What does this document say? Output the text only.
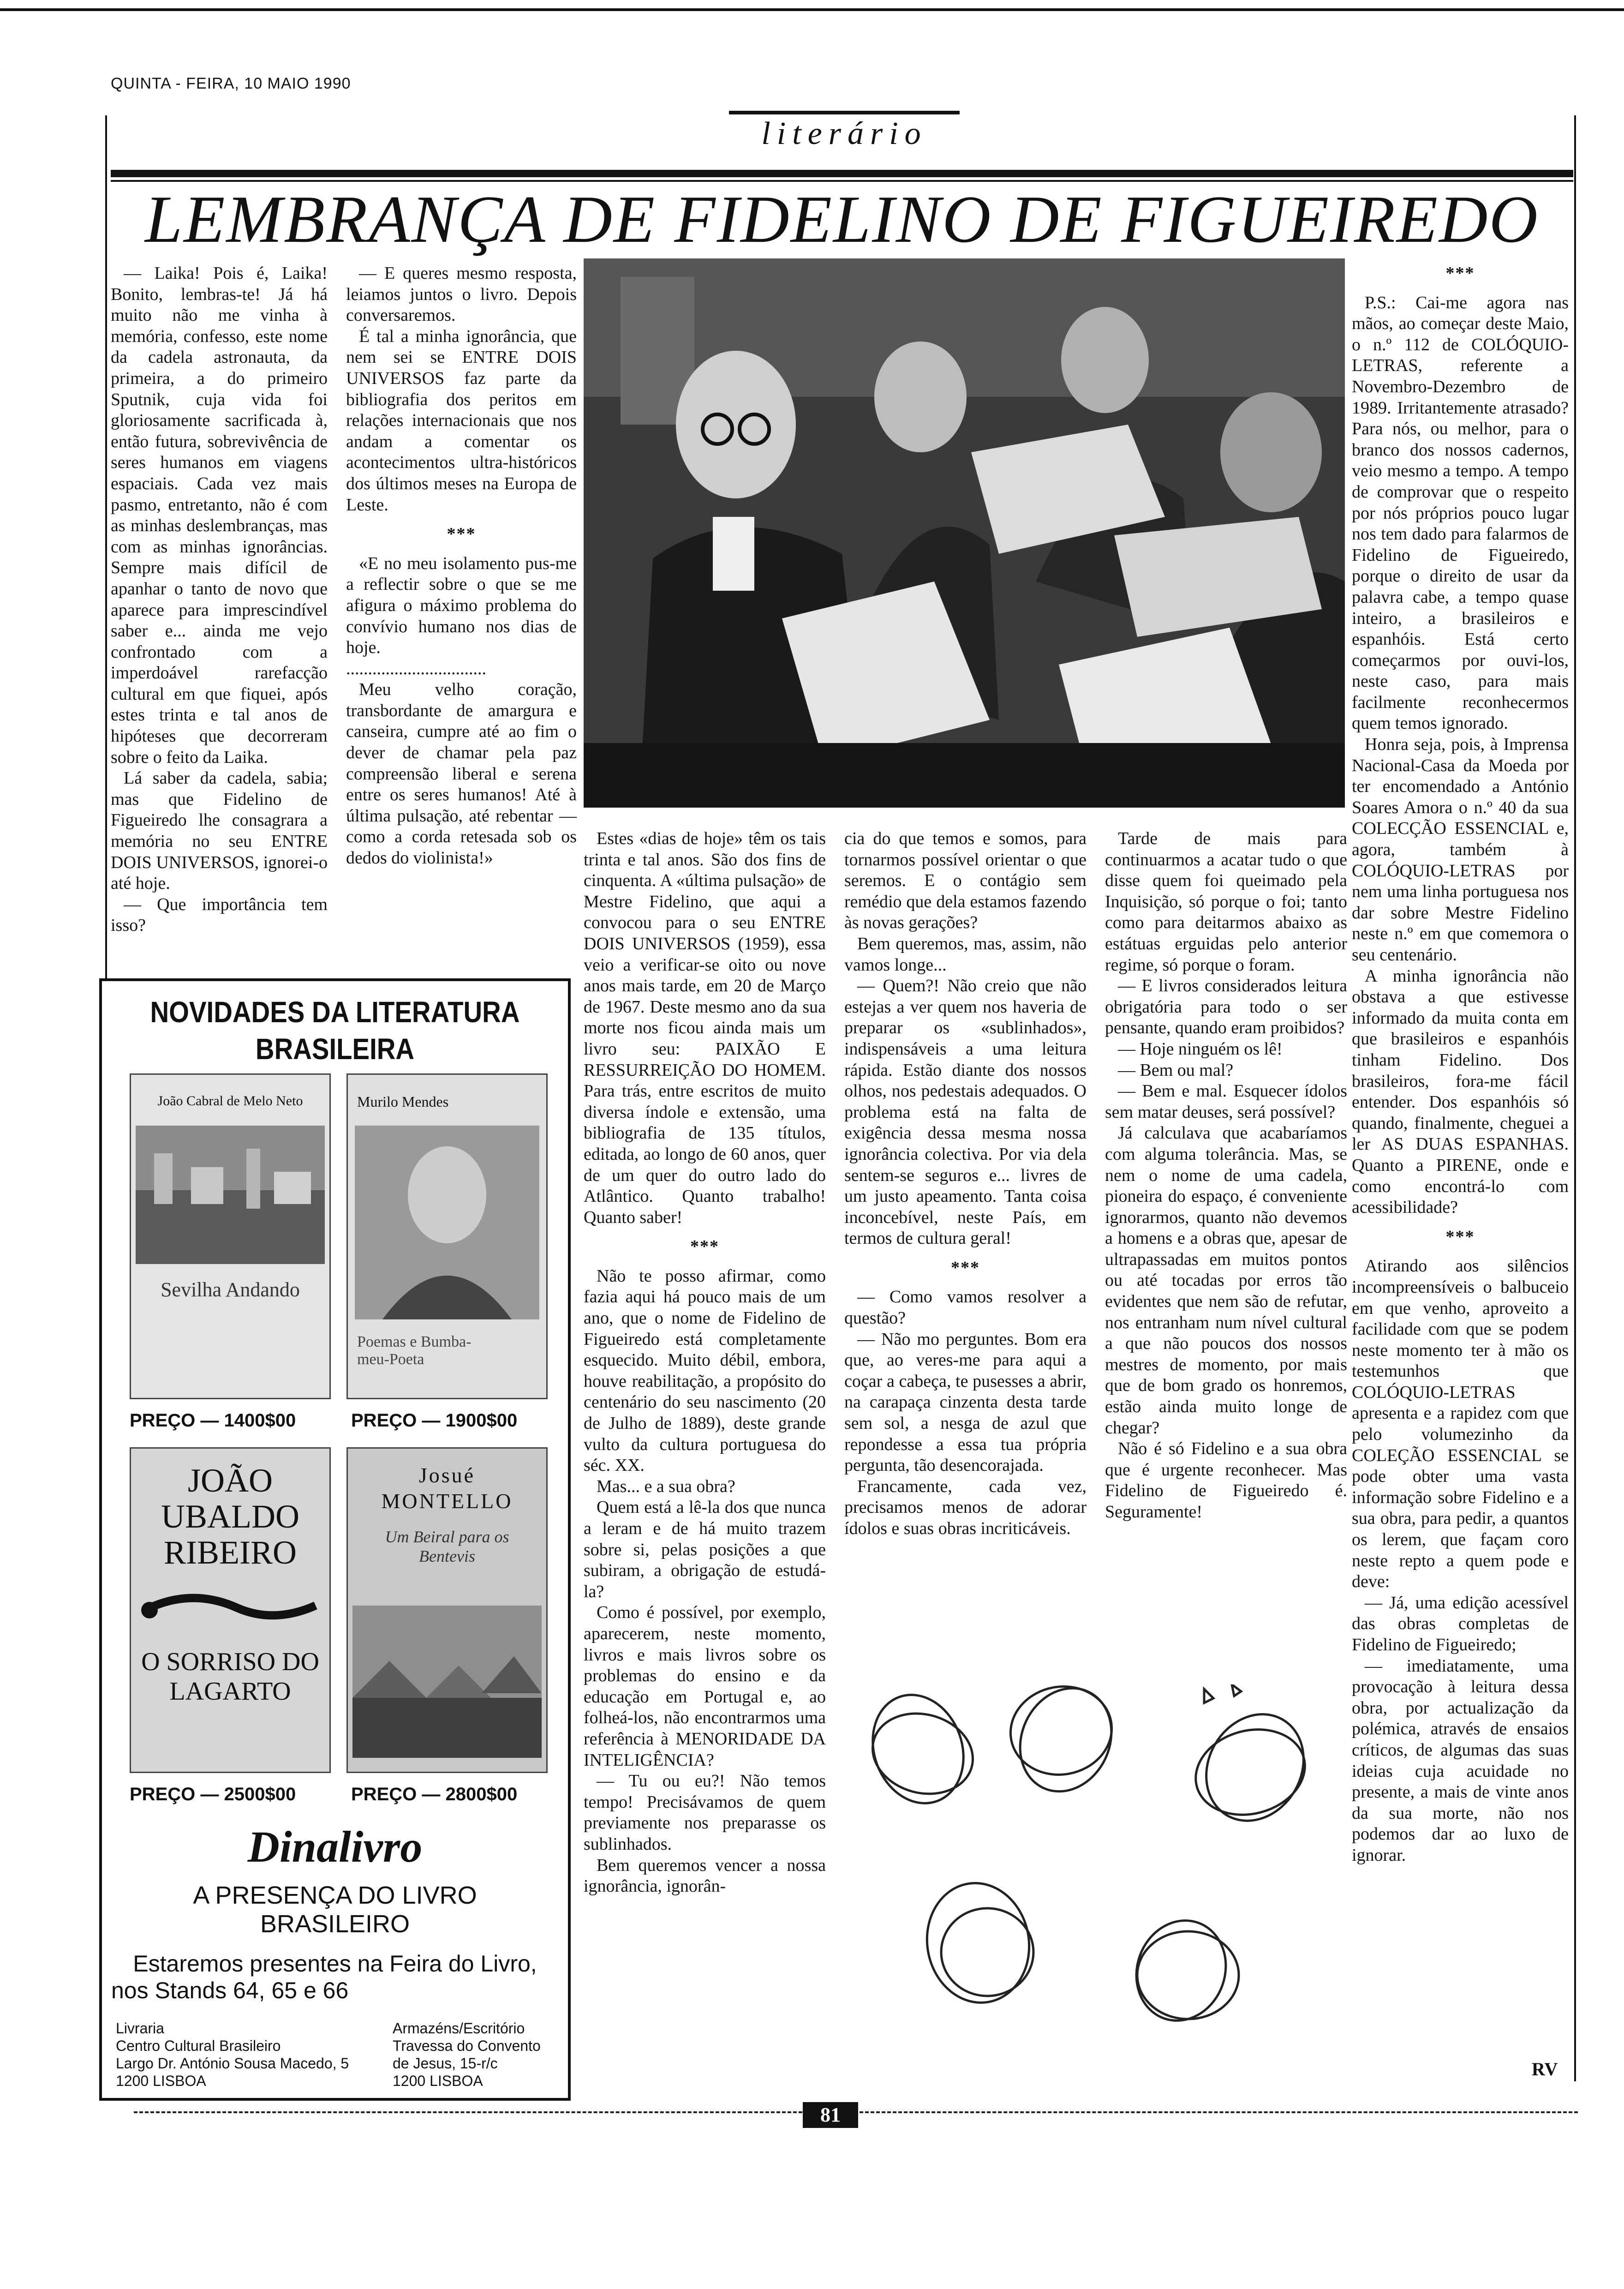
QUINTA - FEIRA, 10 MAIO 1990
literário
LEMBRANÇA DE FIDELINO DE FIGUEIREDO

— Laika! Pois é, Laika! Bonito, lembras-te! Já há muito não me vinha à memória, confesso, este nome da cadela astronauta, da primeira, a do primeiro Sputnik, cuja vida foi gloriosamente sacrificada à, então futura, sobrevivência de seres humanos em viagens espaciais. Cada vez mais pasmo, entretanto, não é com as minhas deslembranças, mas com as minhas ignorâncias. Sempre mais difícil de apanhar o tanto de novo que aparece para imprescindível saber e... ainda me vejo confrontado com a imperdoável rarefacção cultural em que fiquei, após estes trinta e tal anos de hipóteses que decorreram sobre o feito da Laika.

Lá saber da cadela, sabia; mas que Fidelino de Figueiredo lhe consagrara a memória no seu ENTRE DOIS UNIVERSOS, ignorei-o até hoje.

— Que importância tem isso?

— E queres mesmo resposta, leiamos juntos o livro. Depois conversaremos.

É tal a minha ignorância, que nem sei se ENTRE DOIS UNIVERSOS faz parte da bibliografia dos peritos em relações internacionais que nos andam a comentar os acontecimentos ultra-históricos dos últimos meses na Europa de Leste.

***

«E no meu isolamento pus-me a reflectir sobre o que se me afigura o máximo problema do convívio humano nos dias de hoje.

................................

Meu velho coração, transbordante de amargura e canseira, cumpre até ao fim o dever de chamar pela paz compreensão liberal e serena entre os seres humanos! Até à última pulsação, até rebentar — como a corda retesada sob os dedos do violinista!»

Estes «dias de hoje» têm os tais trinta e tal anos. São dos fins de cinquenta. A «última pulsação» de Mestre Fidelino, que aqui a convocou para o seu ENTRE DOIS UNIVERSOS (1959), essa veio a verificar-se oito ou nove anos mais tarde, em 20 de Março de 1967. Deste mesmo ano da sua morte nos ficou ainda mais um livro seu: PAIXÃO E RESSURREIÇÃO DO HOMEM. Para trás, entre escritos de muito diversa índole e extensão, uma bibliografia de 135 títulos, editada, ao longo de 60 anos, quer de um quer do outro lado do Atlântico. Quanto trabalho! Quanto saber!

***

Não te posso afirmar, como fazia aqui há pouco mais de um ano, que o nome de Fidelino de Figueiredo está completamente esquecido. Muito débil, embora, houve reabilitação, a propósito do centenário do seu nascimento (20 de Julho de 1889), deste grande vulto da cultura portuguesa do séc. XX.

Mas... e a sua obra?

Quem está a lê-la dos que nunca a leram e de há muito trazem sobre si, pelas posições a que subiram, a obrigação de estudá-la?

Como é possível, por exemplo, aparecerem, neste momento, livros e mais livros sobre os problemas do ensino e da educação em Portugal e, ao folheá-los, não encontrarmos uma referência à MENORIDADE DA INTELIGÊNCIA?

— Tu ou eu?! Não temos tempo! Precisávamos de quem previamente nos preparasse os sublinhados.

Bem queremos vencer a nossa ignorância, ignorân-

cia do que temos e somos, para tornarmos possível orientar o que seremos. E o contágio sem remédio que dela estamos fazendo às novas gerações?

Bem queremos, mas, assim, não vamos longe...

— Quem?! Não creio que não estejas a ver quem nos haveria de preparar os «sublinhados», indispensáveis a uma leitura rápida. Estão diante dos nossos olhos, nos pedestais adequados. O problema está na falta de exigência dessa mesma nossa ignorância colectiva. Por via dela sentem-se seguros e... livres de um justo apeamento. Tanta coisa inconcebível, neste País, em termos de cultura geral!

***

— Como vamos resolver a questão?

— Não mo perguntes. Bom era que, ao veres-me para aqui a coçar a cabeça, te pusesses a abrir, na carapaça cinzenta desta tarde sem sol, a nesga de azul que repondesse a essa tua própria pergunta, tão desencorajada.

Francamente, cada vez, precisamos menos de adorar ídolos e suas obras incriticáveis.

Tarde de mais para continuarmos a acatar tudo o que disse quem foi queimado pela Inquisição, só porque o foi; tanto como para deitarmos abaixo as estátuas erguidas pelo anterior regime, só porque o foram.

— E livros considerados leitura obrigatória para todo o ser pensante, quando eram proibidos?

— Hoje ninguém os lê!

— Bem ou mal?

— Bem e mal. Esquecer ídolos sem matar deuses, será possível?

Já calculava que acabaríamos com alguma tolerância. Mas, se nem o nome de uma cadela, pioneira do espaço, é conveniente ignorarmos, quanto não devemos a homens e a obras que, apesar de ultrapassadas em muitos pontos ou até tocadas por erros tão evidentes que nem são de refutar, nos entranham num nível cultural a que não poucos dos nossos mestres de momento, por mais que de bom grado os honremos, estão ainda muito longe de chegar?

Não é só Fidelino e a sua obra que é urgente reconhecer. Mas Fidelino de Figueiredo é. Seguramente!

***

P.S.: Cai-me agora nas mãos, ao começar deste Maio, o n.º 112 de COLÓQUIO-LETRAS, referente a Novembro-Dezembro de 1989. Irritantemente atrasado? Para nós, ou melhor, para o branco dos nossos cadernos, veio mesmo a tempo. A tempo de comprovar que o respeito por nós próprios pouco lugar nos tem dado para falarmos de Fidelino de Figueiredo, porque o direito de usar da palavra cabe, a tempo quase inteiro, a brasileiros e espanhóis. Está certo começarmos por ouvi-los, neste caso, para mais facilmente reconhecermos quem temos ignorado.

Honra seja, pois, à Imprensa Nacional-Casa da Moeda por ter encomendado a António Soares Amora o n.º 40 da sua COLECÇÃO ESSENCIAL e, agora, também à COLÓQUIO-LETRAS por nem uma linha portuguesa nos dar sobre Mestre Fidelino neste n.º em que comemora o seu centenário.

A minha ignorância não obstava a que estivesse informado da muita conta em que brasileiros e espanhóis tinham Fidelino. Dos brasileiros, fora-me fácil entender. Dos espanhóis só quando, finalmente, cheguei a ler AS DUAS ESPANHAS. Quanto a PIRENE, onde e como encontrá-lo com acessibilidade?

***

Atirando aos silêncios incompreensíveis o balbuceio em que venho, aproveito a facilidade com que se podem neste momento ter à mão os testemunhos que COLÓQUIO-LETRAS apresenta e a rapidez com que pelo volumezinho da COLEÇÃO ESSENCIAL se pode obter uma vasta informação sobre Fidelino e a sua obra, para pedir, a quantos os lerem, que façam coro neste repto a quem pode e deve:

— Já, uma edição acessível das obras completas de Fidelino de Figueiredo;

— imediatamente, uma provocação à leitura dessa obra, por actualização da polémica, através de ensaios críticos, de algumas das suas ideias cuja acuidade no presente, a mais de vinte anos da sua morte, não nos podemos dar ao luxo de ignorar.

RV
NOVIDADES DA LITERATURA
BRASILEIRA
João Cabral de Melo Neto
Sevilha Andando
PREÇO — 1400$00
Murilo Mendes
Poemas e Bumba-meu-Poeta
PREÇO — 1900$00
JOÃO UBALDO RIBEIRO
O SORRISO DO LAGARTO
PREÇO — 2500$00
Josué MONTELLO
Um Beiral para os Bentevis
PREÇO — 2800$00
Dinalivro
A PRESENÇA DO LIVRO
BRASILEIRO
Estaremos presentes na Feira do Livro,
nos Stands 64, 65 e 66
Livraria
Centro Cultural Brasileiro
Largo Dr. António Sousa Macedo, 5
1200 LISBOA
Armazéns/Escritório
Travessa do Convento
de Jesus, 15-r/c
1200 LISBOA
81
